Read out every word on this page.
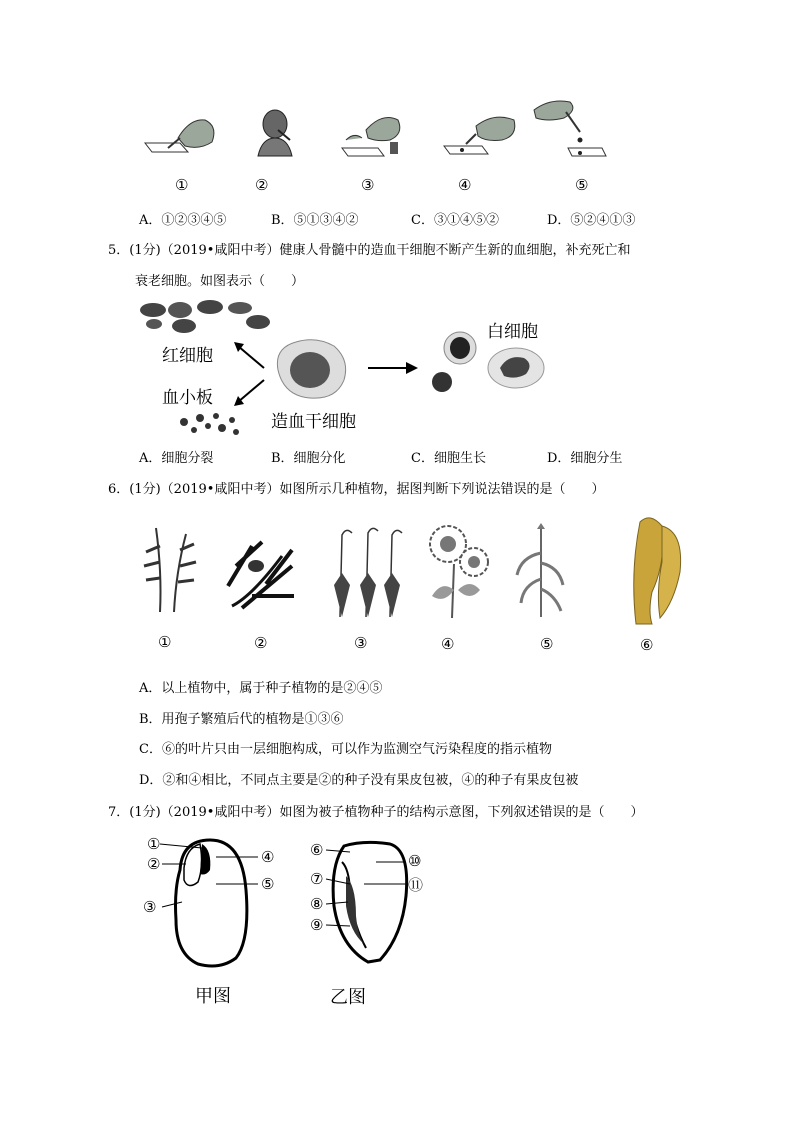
①	②	③	④	⑤
A．①②③④⑤	B．⑤①③④②	C．③①④⑤②	D．⑤②④①③
5．(1分)（2019•咸阳中考）健康人骨髓中的造血干细胞不断产生新的血细胞，补充死亡和
衰老细胞。如图表示（　　）
红细胞
血小板
造血干细胞
白细胞
A．细胞分裂	B．细胞分化	C．细胞生长	D．细胞分生
6．(1分)（2019•咸阳中考）如图所示几种植物，据图判断下列说法错误的是（　　）
①	②	③	④	⑤	⑥
A．以上植物中，属于种子植物的是②④⑤
B．用孢子繁殖后代的植物是①③⑥
C．⑥的叶片只由一层细胞构成，可以作为监测空气污染程度的指示植物
D．②和④相比，不同点主要是②的种子没有果皮包被，④的种子有果皮包被
7．(1分)（2019•咸阳中考）如图为被子植物种子的结构示意图，下列叙述错误的是（　　）
①
②
③
④
⑤
⑥
⑦
⑧
⑨
⑩
⑪
甲图	乙图
